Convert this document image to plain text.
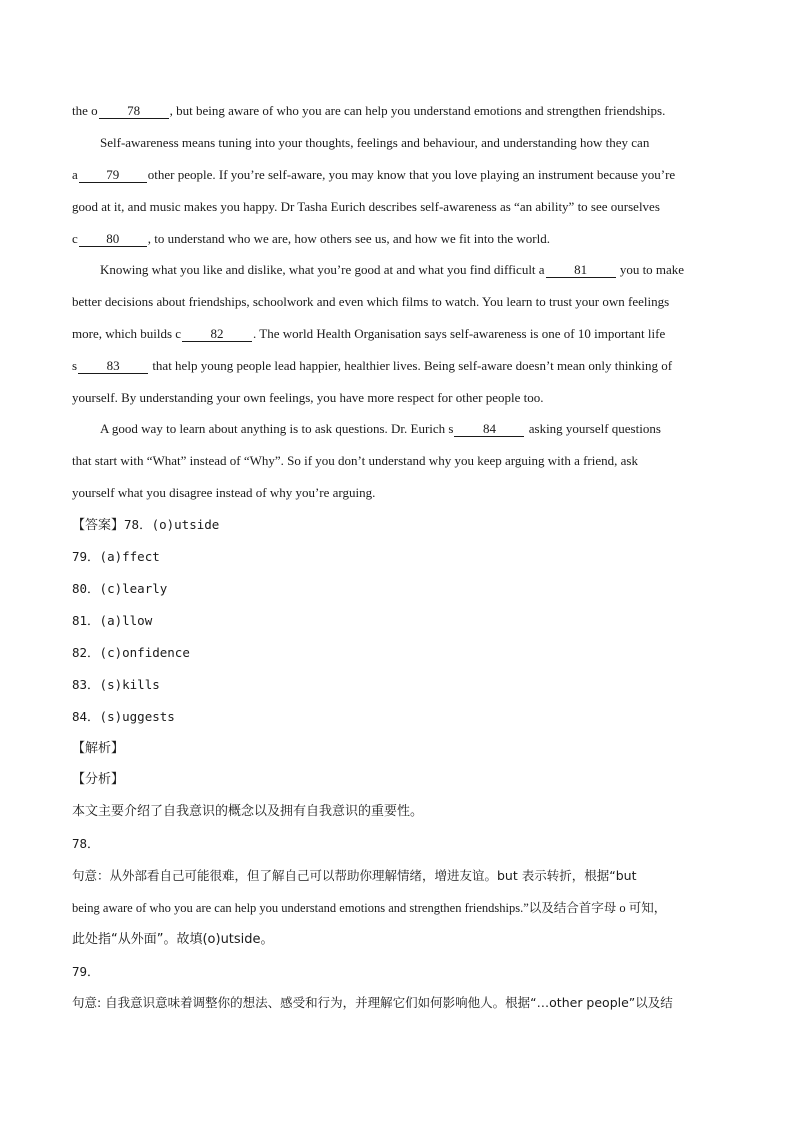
the o 78 , but being aware of who you are can help you understand emotions and strengthen friendships.
Self-awareness means tuning into your thoughts, feelings and behaviour, and understanding how they can
a 79 other people. If you’re self-aware, you may know that you love playing an instrument because you’re
good at it, and music makes you happy. Dr Tasha Eurich describes self-awareness as “an ability” to see ourselves
c 80 , to understand who we are, how others see us, and how we fit into the world.
Knowing what you like and dislike, what you’re good at and what you find difficult a 81 you to make
better decisions about friendships, schoolwork and even which films to watch. You learn to trust your own feelings
more, which builds c 82 . The world Health Organisation says self-awareness is one of 10 important life
s 83 that help young people lead happier, healthier lives. Being self-aware doesn’t mean only thinking of
yourself. By understanding your own feelings, you have more respect for other people too.
A good way to learn about anything is to ask questions. Dr. Eurich s 84 asking yourself questions
that start with “What” instead of “Why”. So if you don’t understand why you keep arguing with a friend, ask
yourself what you disagree instead of why you’re arguing.
【答案】78．(o)utside
79．(a)ffect
80．(c)learly
81．(a)llow
82．(c)onfidence
83．(s)kills
84．(s)uggests
【解析】
【分析】
本文主要介绍了自我意识的概念以及拥有自我意识的重要性。
78．
句意：从外部看自己可能很难，但了解自己可以帮助你理解情绪，增进友谊。but 表示转折，根据“but
being aware of who you are can help you understand emotions and strengthen friendships.”以及结合首字母 o 可知，
此处指“从外面”。故填(o)utside。
79．
句意: 自我意识意味着调整你的想法、感受和行为，并理解它们如何影响他人。根据“…other people”以及结
